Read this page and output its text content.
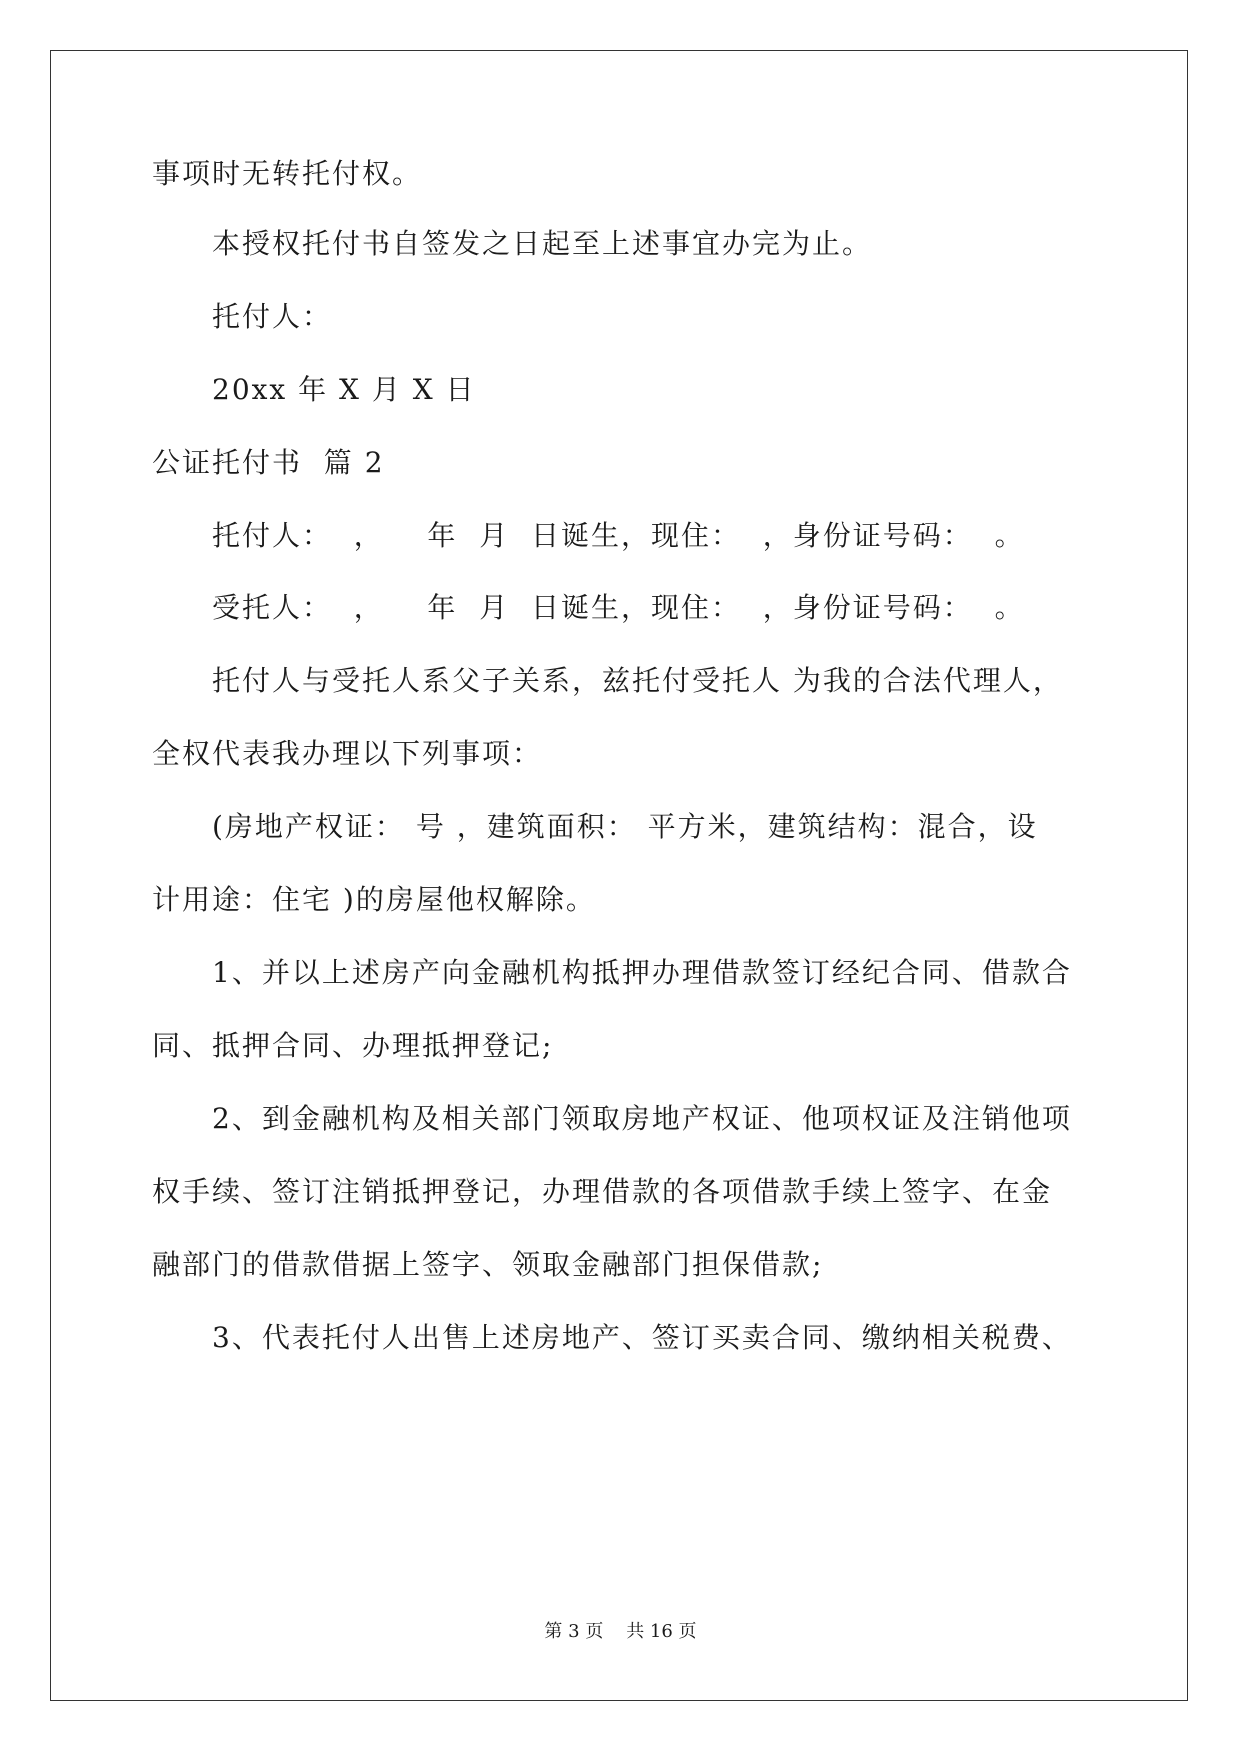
事项时无转托付权。
本授权托付书自签发之日起至上述事宜办完为止。
托付人：
20xx 年 X 月 X 日
公证托付书  篇 2
托付人：  ，    年  月  日诞生，现住：  ，身份证号码：  。
受托人：  ，    年  月  日诞生，现住：  ，身份证号码：  。
托付人与受托人系父子关系，兹托付受托人 为我的合法代理人，
全权代表我办理以下列事项：
(房地产权证： 号 ，建筑面积： 平方米，建筑结构：混合，设
计用途：住宅 )的房屋他权解除。
1、并以上述房产向金融机构抵押办理借款签订经纪合同、借款合
同、抵押合同、办理抵押登记;
2、到金融机构及相关部门领取房地产权证、他项权证及注销他项
权手续、签订注销抵押登记，办理借款的各项借款手续上签字、在金
融部门的借款借据上签字、领取金融部门担保借款;
3、代表托付人出售上述房地产、签订买卖合同、缴纳相关税费、
第 3 页    共 16 页
